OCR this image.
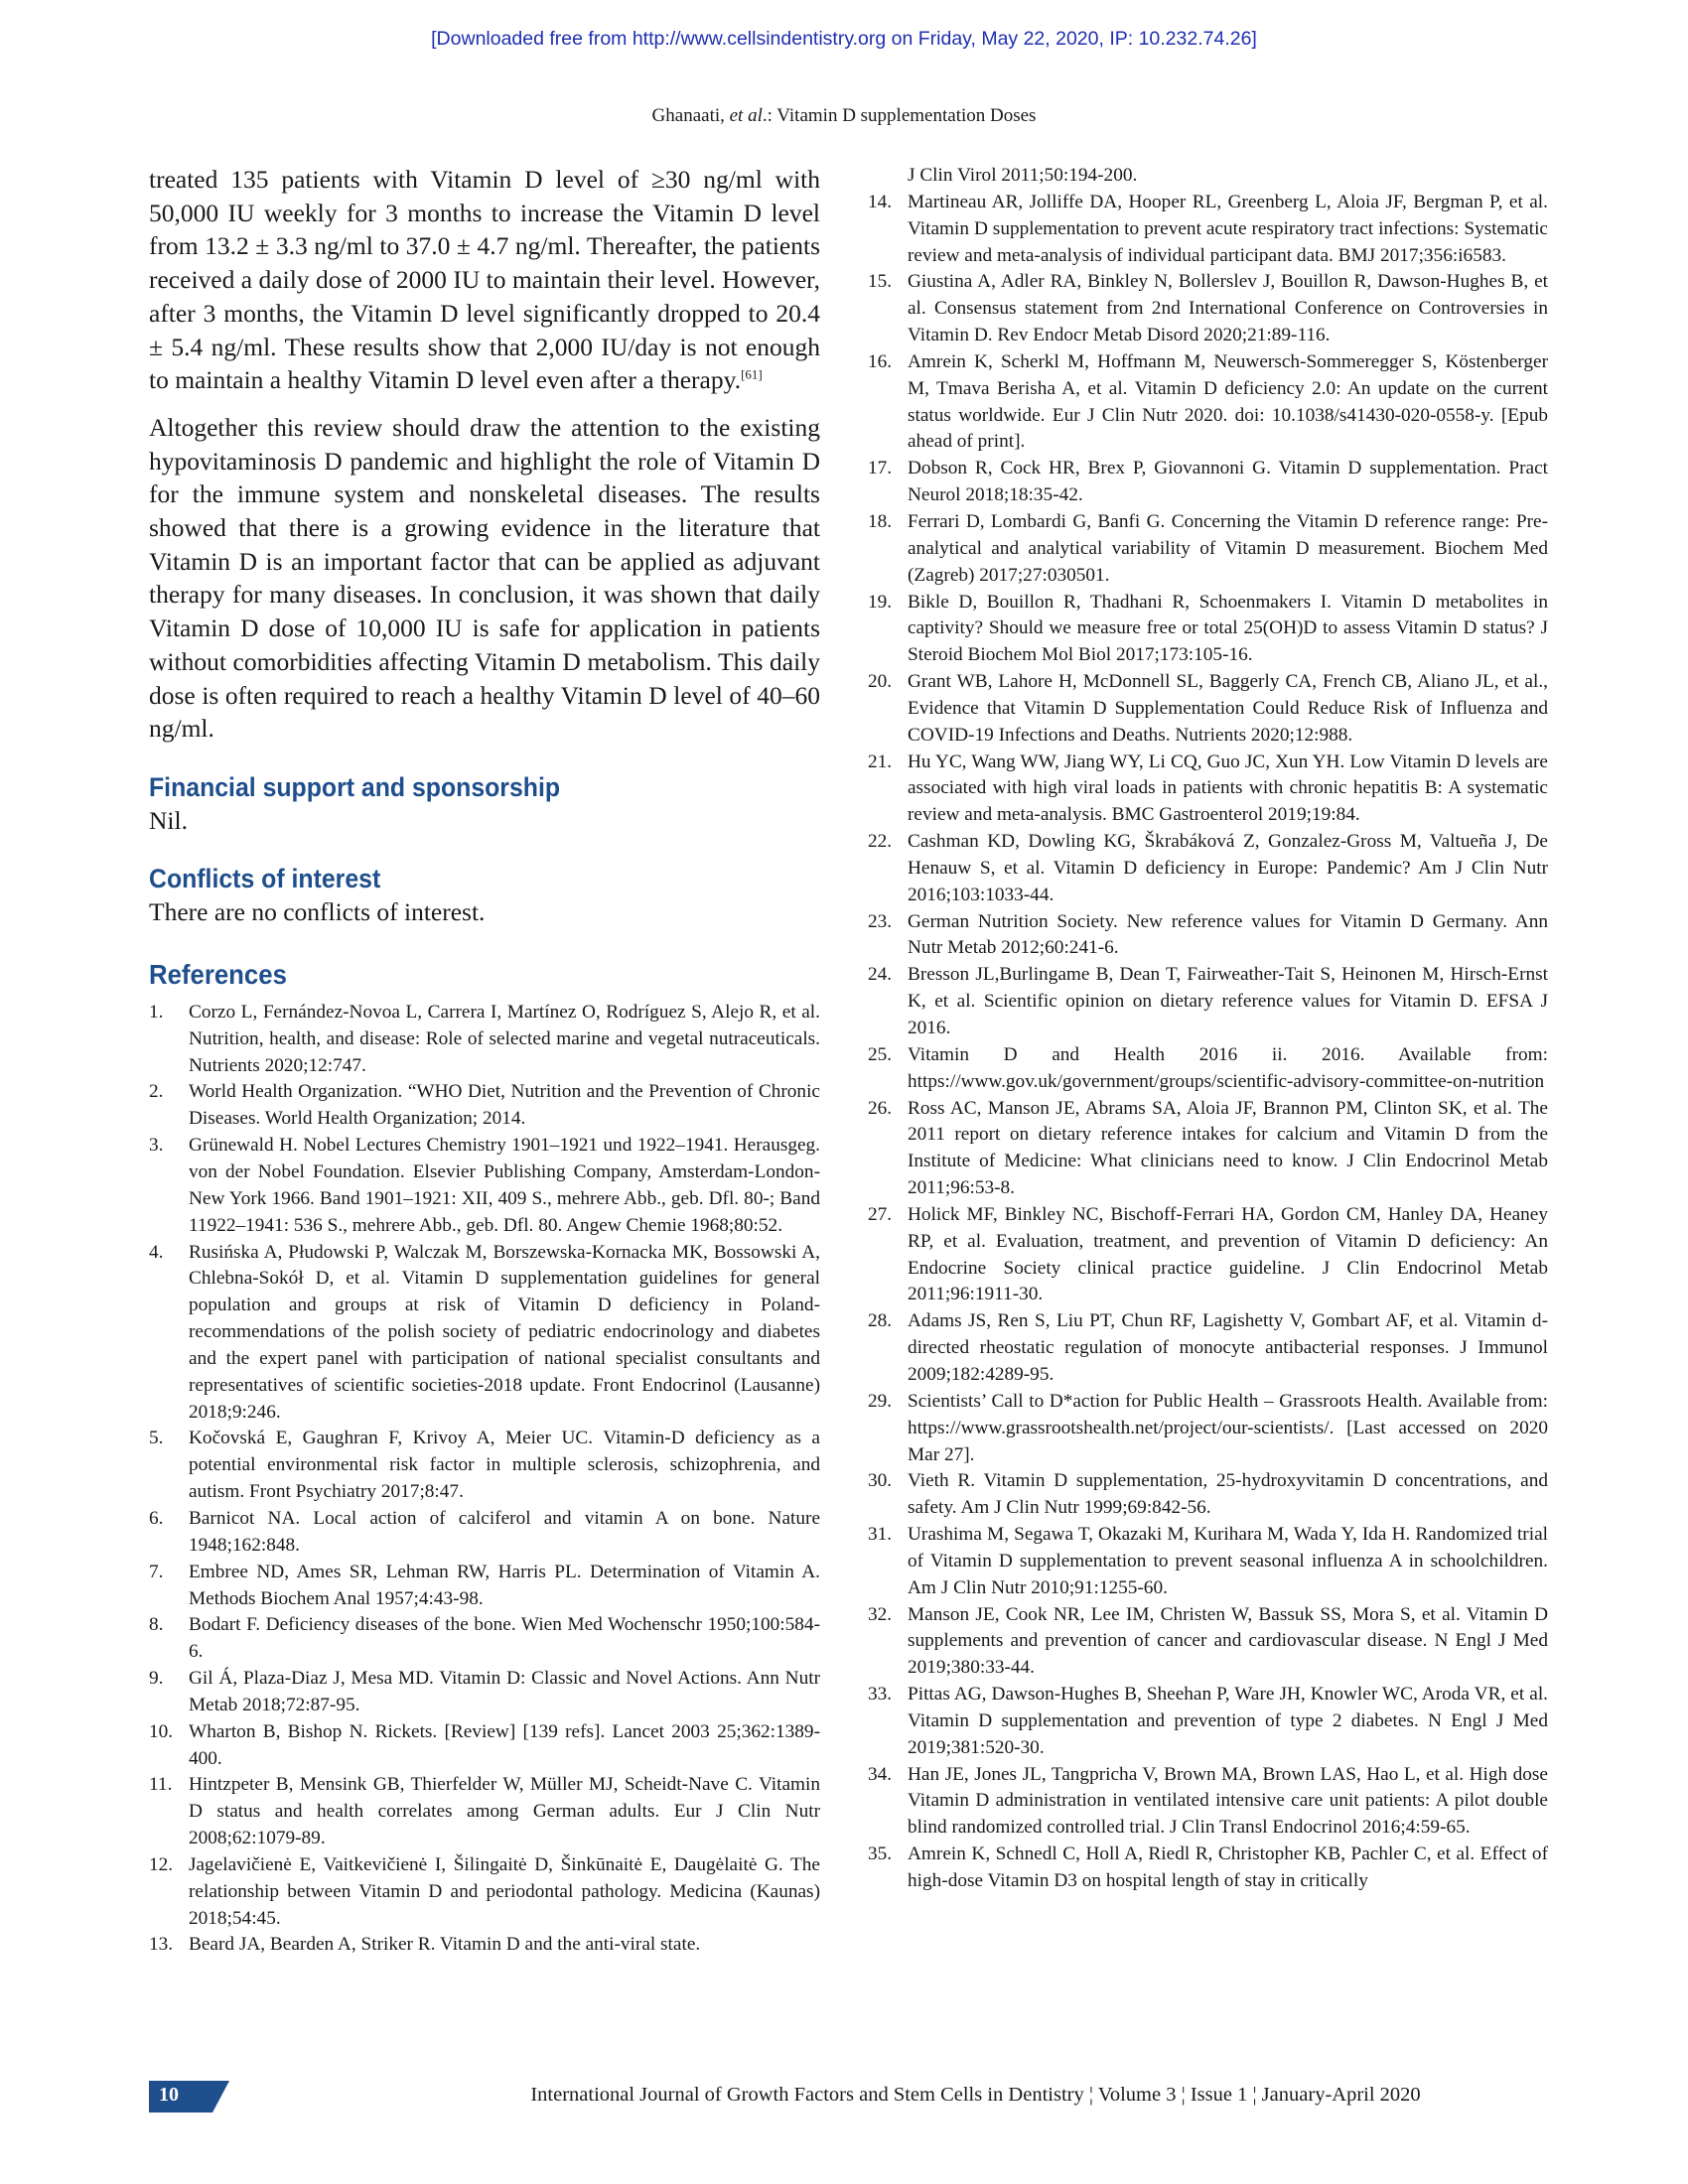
[Downloaded free from http://www.cellsindentistry.org on Friday, May 22, 2020, IP: 10.232.74.26]
Ghanaati, et al.: Vitamin D supplementation Doses

treated 135 patients with Vitamin D level of ≥30 ng/ml with 50,000 IU weekly for 3 months to increase the Vitamin D level from 13.2 ± 3.3 ng/ml to 37.0 ± 4.7 ng/ml. Thereafter, the patients received a daily dose of 2000 IU to maintain their level. However, after 3 months, the Vitamin D level significantly dropped to 20.4 ± 5.4 ng/ml. These results show that 2,000 IU/day is not enough to maintain a healthy Vitamin D level even after a therapy.[61]

Altogether this review should draw the attention to the existing hypovitaminosis D pandemic and highlight the role of Vitamin D for the immune system and nonskeletal diseases. The results showed that there is a growing evidence in the literature that Vitamin D is an important factor that can be applied as adjuvant therapy for many diseases. In conclusion, it was shown that daily Vitamin D dose of 10,000 IU is safe for application in patients without comorbidities affecting Vitamin D metabolism. This daily dose is often required to reach a healthy Vitamin D level of 40–60 ng/ml.

Financial support and sponsorship

Nil.

Conflicts of interest

There are no conflicts of interest.

References
1.	Corzo L, Fernández-Novoa L, Carrera I, Martínez O, Rodríguez S, Alejo R, et al. Nutrition, health, and disease: Role of selected marine and vegetal nutraceuticals. Nutrients 2020;12:747.
2.	World Health Organization. “WHO Diet, Nutrition and the Prevention of Chronic Diseases. World Health Organization; 2014.
3.	Grünewald H. Nobel Lectures Chemistry 1901–1921 und 1922–1941. Herausgeg. von der Nobel Foundation. Elsevier Publishing Company, Amsterdam-London-New York 1966. Band 1901–1921: XII, 409 S., mehrere Abb., geb. Dfl. 80-; Band 11922–1941: 536 S., mehrere Abb., geb. Dfl. 80. Angew Chemie 1968;80:52.
4.	Rusińska A, Płudowski P, Walczak M, Borszewska-Kornacka MK, Bossowski A, Chlebna-Sokół D, et al. Vitamin D supplementation guidelines for general population and groups at risk of Vitamin D deficiency in Poland-recommendations of the polish society of pediatric endocrinology and diabetes and the expert panel with participation of national specialist consultants and representatives of scientific societies-2018 update. Front Endocrinol (Lausanne) 2018;9:246.
5.	Kočovská E, Gaughran F, Krivoy A, Meier UC. Vitamin-D deficiency as a potential environmental risk factor in multiple sclerosis, schizophrenia, and autism. Front Psychiatry 2017;8:47.
6.	Barnicot NA. Local action of calciferol and vitamin A on bone. Nature 1948;162:848.
7.	Embree ND, Ames SR, Lehman RW, Harris PL. Determination of Vitamin A. Methods Biochem Anal 1957;4:43-98.
8.	Bodart F. Deficiency diseases of the bone. Wien Med Wochenschr 1950;100:584-6.
9.	Gil Á, Plaza-Diaz J, Mesa MD. Vitamin D: Classic and Novel Actions. Ann Nutr Metab 2018;72:87-95.
10. Wharton B, Bishop N. Rickets. [Review] [139 refs]. Lancet 2003 25;362:1389-400.
11. Hintzpeter B, Mensink GB, Thierfelder W, Müller MJ, Scheidt-Nave C. Vitamin D status and health correlates among German adults. Eur J Clin Nutr 2008;62:1079-89.
12. Jagelavičienė E, Vaitkevičienė I, Šilingaitė D, Šinkūnaitė E, Daugėlaitė G. The relationship between Vitamin D and periodontal pathology. Medicina (Kaunas) 2018;54:45.
13. Beard JA, Bearden A, Striker R. Vitamin D and the anti-viral state.

J Clin Virol 2011;50:194-200.

14. Martineau AR, Jolliffe DA, Hooper RL, Greenberg L, Aloia JF, Bergman P, et al. Vitamin D supplementation to prevent acute respiratory tract infections: Systematic review and meta-analysis of individual participant data. BMJ 2017;356:i6583.
15. Giustina A, Adler RA, Binkley N, Bollerslev J, Bouillon R, Dawson-Hughes B, et al. Consensus statement from 2nd International Conference on Controversies in Vitamin D. Rev Endocr Metab Disord 2020;21:89-116.
16. Amrein K, Scherkl M, Hoffmann M, Neuwersch-Sommeregger S, Köstenberger M, Tmava Berisha A, et al. Vitamin D deficiency 2.0: An update on the current status worldwide. Eur J Clin Nutr 2020. doi: 10.1038/s41430-020-0558-y. [Epub ahead of print].
17. Dobson R, Cock HR, Brex P, Giovannoni G. Vitamin D supplementation. Pract Neurol 2018;18:35-42.
18. Ferrari D, Lombardi G, Banfi G. Concerning the Vitamin D reference range: Pre-analytical and analytical variability of Vitamin D measurement. Biochem Med (Zagreb) 2017;27:030501.
19. Bikle D, Bouillon R, Thadhani R, Schoenmakers I. Vitamin D metabolites in captivity? Should we measure free or total 25(OH)D to assess Vitamin D status? J Steroid Biochem Mol Biol 2017;173:105-16.
20. Grant WB, Lahore H, McDonnell SL, Baggerly CA, French CB, Aliano JL, et al., Evidence that Vitamin D Supplementation Could Reduce Risk of Influenza and COVID-19 Infections and Deaths. Nutrients 2020;12:988.
21. Hu YC, Wang WW, Jiang WY, Li CQ, Guo JC, Xun YH. Low Vitamin D levels are associated with high viral loads in patients with chronic hepatitis B: A systematic review and meta-analysis. BMC Gastroenterol 2019;19:84.
22. Cashman KD, Dowling KG, Škrabáková Z, Gonzalez-Gross M, Valtueña J, De Henauw S, et al. Vitamin D deficiency in Europe: Pandemic? Am J Clin Nutr 2016;103:1033-44.
23. German Nutrition Society. New reference values for Vitamin D Germany. Ann Nutr Metab 2012;60:241-6.
24. Bresson JL,Burlingame B, Dean T, Fairweather-Tait S, Heinonen M, Hirsch-Ernst K, et al. Scientific opinion on dietary reference values for Vitamin D. EFSA J 2016.
25. Vitamin D and Health 2016 ii. 2016. Available from: https://www.gov.uk/government/groups/scientific-advisory-committee-on-nutrition
26. Ross AC, Manson JE, Abrams SA, Aloia JF, Brannon PM, Clinton SK, et al. The 2011 report on dietary reference intakes for calcium and Vitamin D from the Institute of Medicine: What clinicians need to know. J Clin Endocrinol Metab 2011;96:53-8.
27. Holick MF, Binkley NC, Bischoff-Ferrari HA, Gordon CM, Hanley DA, Heaney RP, et al. Evaluation, treatment, and prevention of Vitamin D deficiency: An Endocrine Society clinical practice guideline. J Clin Endocrinol Metab 2011;96:1911-30.
28. Adams JS, Ren S, Liu PT, Chun RF, Lagishetty V, Gombart AF, et al. Vitamin d-directed rheostatic regulation of monocyte antibacterial responses. J Immunol 2009;182:4289-95.
29. Scientists’ Call to D*action for Public Health – Grassroots Health. Available from: https://www.grassrootshealth.net/project/our-scientists/. [Last accessed on 2020 Mar 27].
30. Vieth R. Vitamin D supplementation, 25-hydroxyvitamin D concentrations, and safety. Am J Clin Nutr 1999;69:842-56.
31. Urashima M, Segawa T, Okazaki M, Kurihara M, Wada Y, Ida H. Randomized trial of Vitamin D supplementation to prevent seasonal influenza A in schoolchildren. Am J Clin Nutr 2010;91:1255-60.
32. Manson JE, Cook NR, Lee IM, Christen W, Bassuk SS, Mora S, et al. Vitamin D supplements and prevention of cancer and cardiovascular disease. N Engl J Med 2019;380:33-44.
33. Pittas AG, Dawson-Hughes B, Sheehan P, Ware JH, Knowler WC, Aroda VR, et al. Vitamin D supplementation and prevention of type 2 diabetes. N Engl J Med 2019;381:520-30.
34. Han JE, Jones JL, Tangpricha V, Brown MA, Brown LAS, Hao L, et al. High dose Vitamin D administration in ventilated intensive care unit patients: A pilot double blind randomized controlled trial. J Clin Transl Endocrinol 2016;4:59-65.
35. Amrein K, Schnedl C, Holl A, Riedl R, Christopher KB, Pachler C, et al. Effect of high-dose Vitamin D3 on hospital length of stay in critically
10	International Journal of Growth Factors and Stem Cells in Dentistry ¦ Volume 3 ¦ Issue 1 ¦ January-April 2020
